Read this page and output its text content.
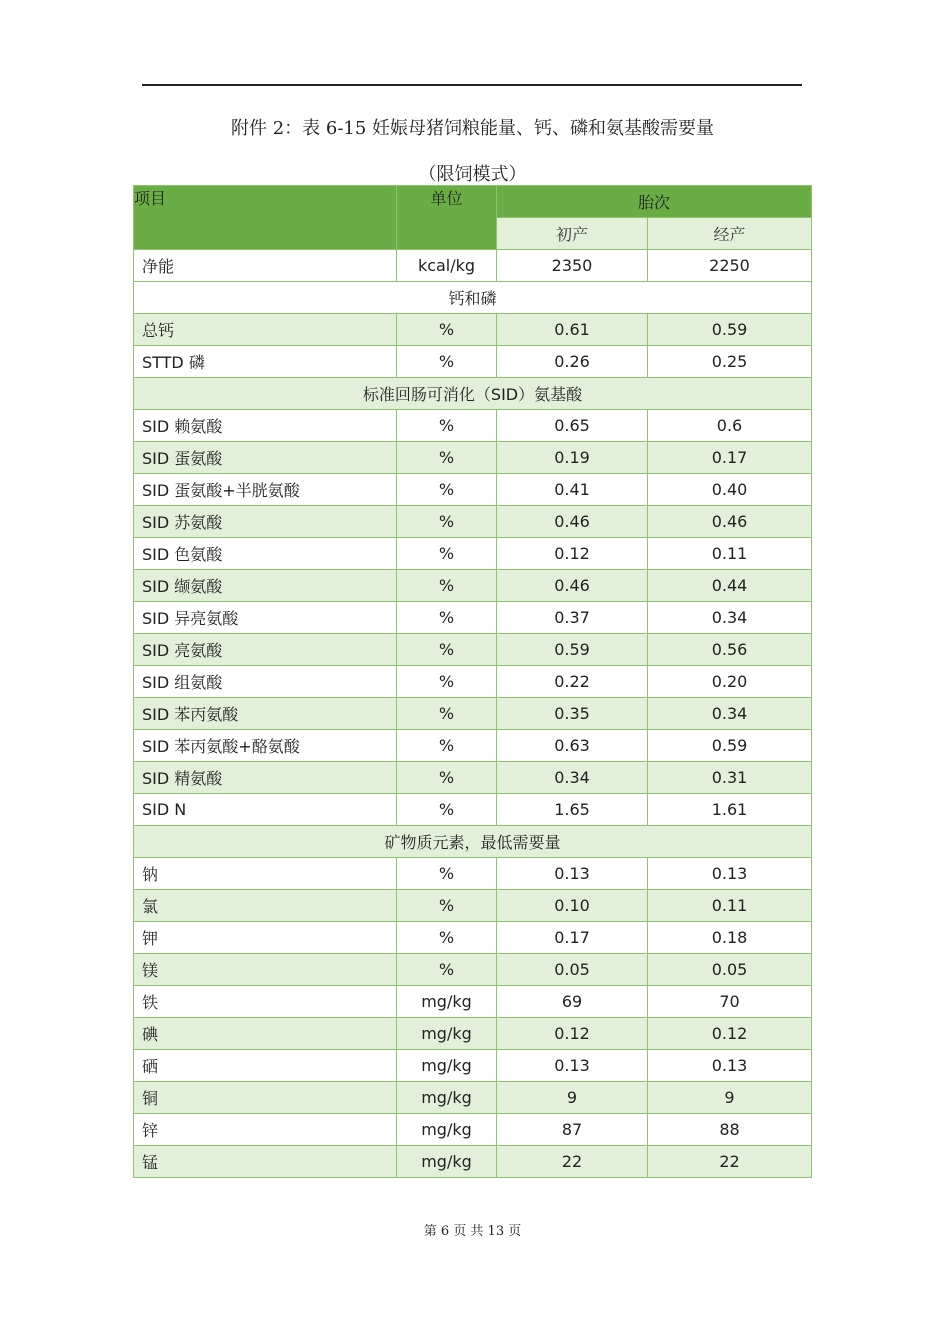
附件 2：表 6-15 妊娠母猪饲粮能量、钙、磷和氨基酸需要量
（限饲模式）
项目	单位	胎次	
		初产	经产
净能	kcal/kg	2350	2250
钙和磷			
总钙	%	0.61	0.59
STTD 磷	%	0.26	0.25
标准回肠可消化（SID）氨基酸			
SID 赖氨酸	%	0.65	0.6
SID 蛋氨酸	%	0.19	0.17
SID 蛋氨酸+半胱氨酸	%	0.41	0.40
SID 苏氨酸	%	0.46	0.46
SID 色氨酸	%	0.12	0.11
SID 缬氨酸	%	0.46	0.44
SID 异亮氨酸	%	0.37	0.34
SID 亮氨酸	%	0.59	0.56
SID 组氨酸	%	0.22	0.20
SID 苯丙氨酸	%	0.35	0.34
SID 苯丙氨酸+酪氨酸	%	0.63	0.59
SID 精氨酸	%	0.34	0.31
SID N	%	1.65	1.61
矿物质元素，最低需要量			
钠	%	0.13	0.13
氯	%	0.10	0.11
钾	%	0.17	0.18
镁	%	0.05	0.05
铁	mg/kg	69	70
碘	mg/kg	0.12	0.12
硒	mg/kg	0.13	0.13
铜	mg/kg	9	9
锌	mg/kg	87	88
锰	mg/kg	22	22
第 6 页 共 13 页
